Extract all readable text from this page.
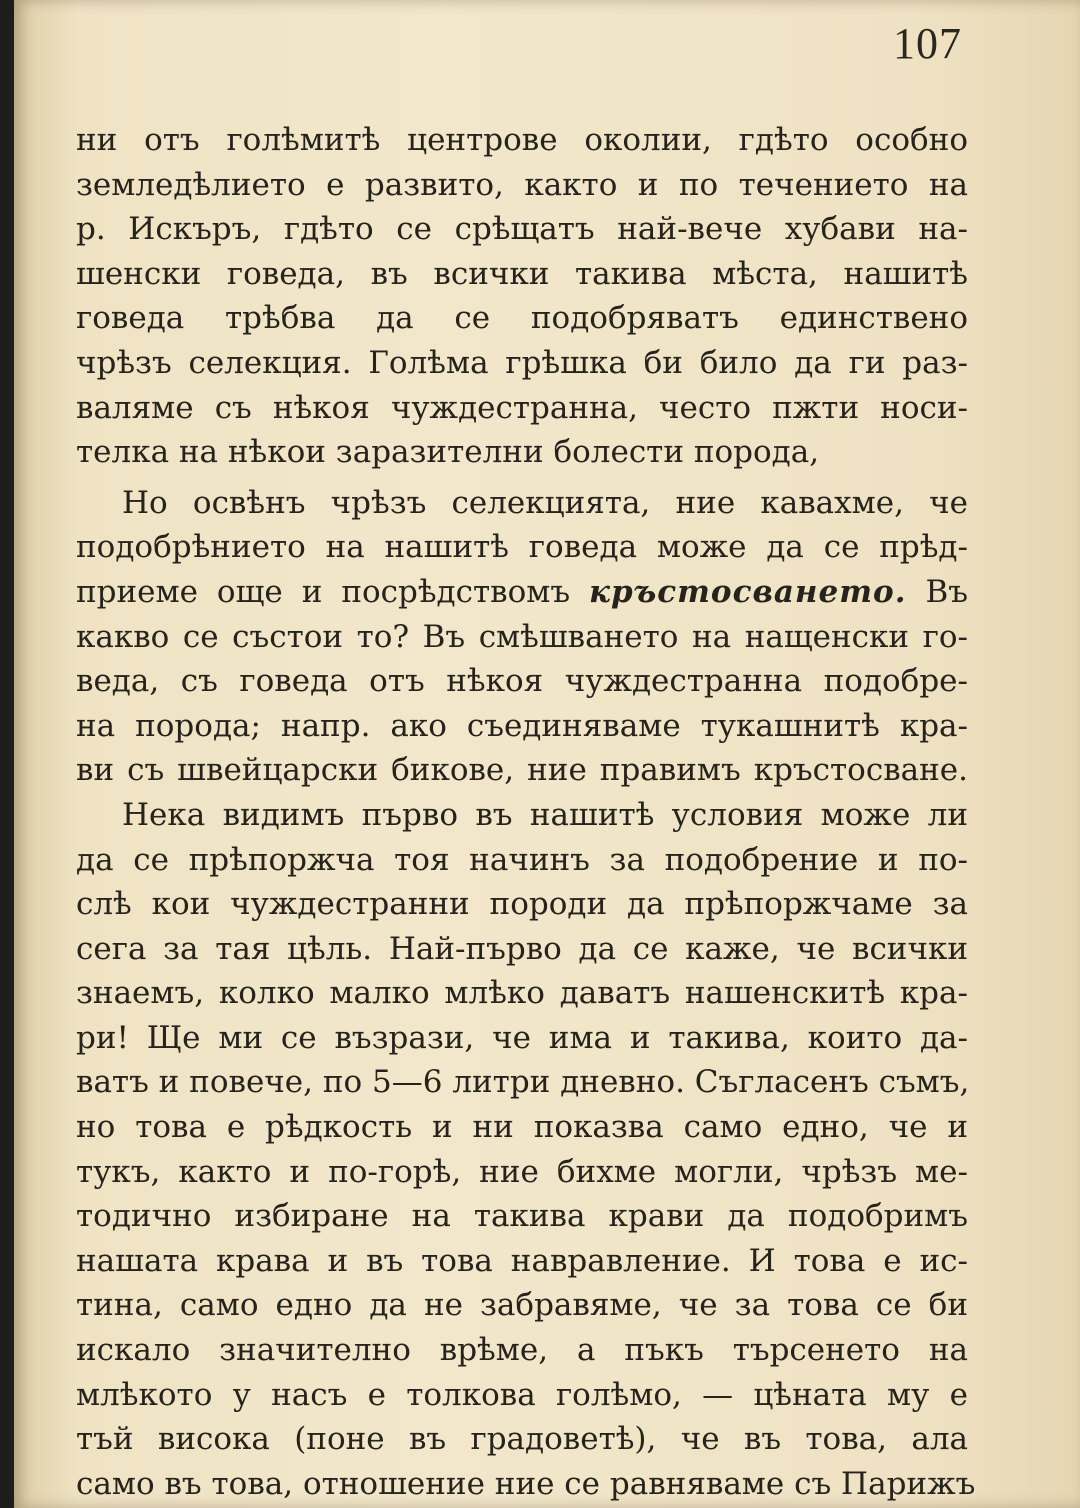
107
ни отъ голѣмитѣ центрове околии, гдѣто особно
земледѣлието е развито, както и по течението на
р. Искъръ, гдѣто се срѣщатъ най-вече хубави на-
шенски говеда, въ всички такива мѣста, нашитѣ
говеда трѣбва да се подобряватъ единствено
чрѣзъ селекция. Голѣма грѣшка би било да ги раз-
валяме съ нѣкоя чуждестранна, често пжти носи-
телка на нѣкои заразителни болести порода,
Но освѣнъ чрѣзъ селекцията, ние кавахме, че
подобрѣнието на нашитѣ говеда може да се прѣд-
приеме още и посрѣдствомъ кръстосването. Въ
какво се състои то? Въ смѣшването на нащенски го-
веда, съ говеда отъ нѣкоя чуждестранна подобре-
на порода; напр. ако съединяваме тукашнитѣ кра-
ви съ швейцарски бикове, ние правимъ кръстосване.
Нека видимъ първо въ нашитѣ условия може ли
да се прѣпоржча тоя начинъ за подобрение и по-
слѣ кои чуждестранни породи да прѣпоржчаме за
сега за тая цѣль. Най-първо да се каже, че всички
знаемъ, колко малко млѣко даватъ нашенскитѣ кра-
ри! Ще ми се възрази, че има и такива, които да-
ватъ и повече, по 5—6 литри дневно. Съгласенъ съмъ,
но това е рѣдкость и ни показва само едно, че и
тукъ, както и по-горѣ, ние бихме могли, чрѣзъ ме-
тодично избиране на такива крави да подобримъ
нашата крава и въ това навравление. И това е ис-
тина, само едно да не забравяме, че за това се би
искало значително врѣме, а пъкъ търсенето на
млѣкото у насъ е толкова голѣмо, — цѣната му е
тъй висока (поне въ градоветѣ), че въ това, ала
само въ това, отношение ние се равняваме съ Парижъ
